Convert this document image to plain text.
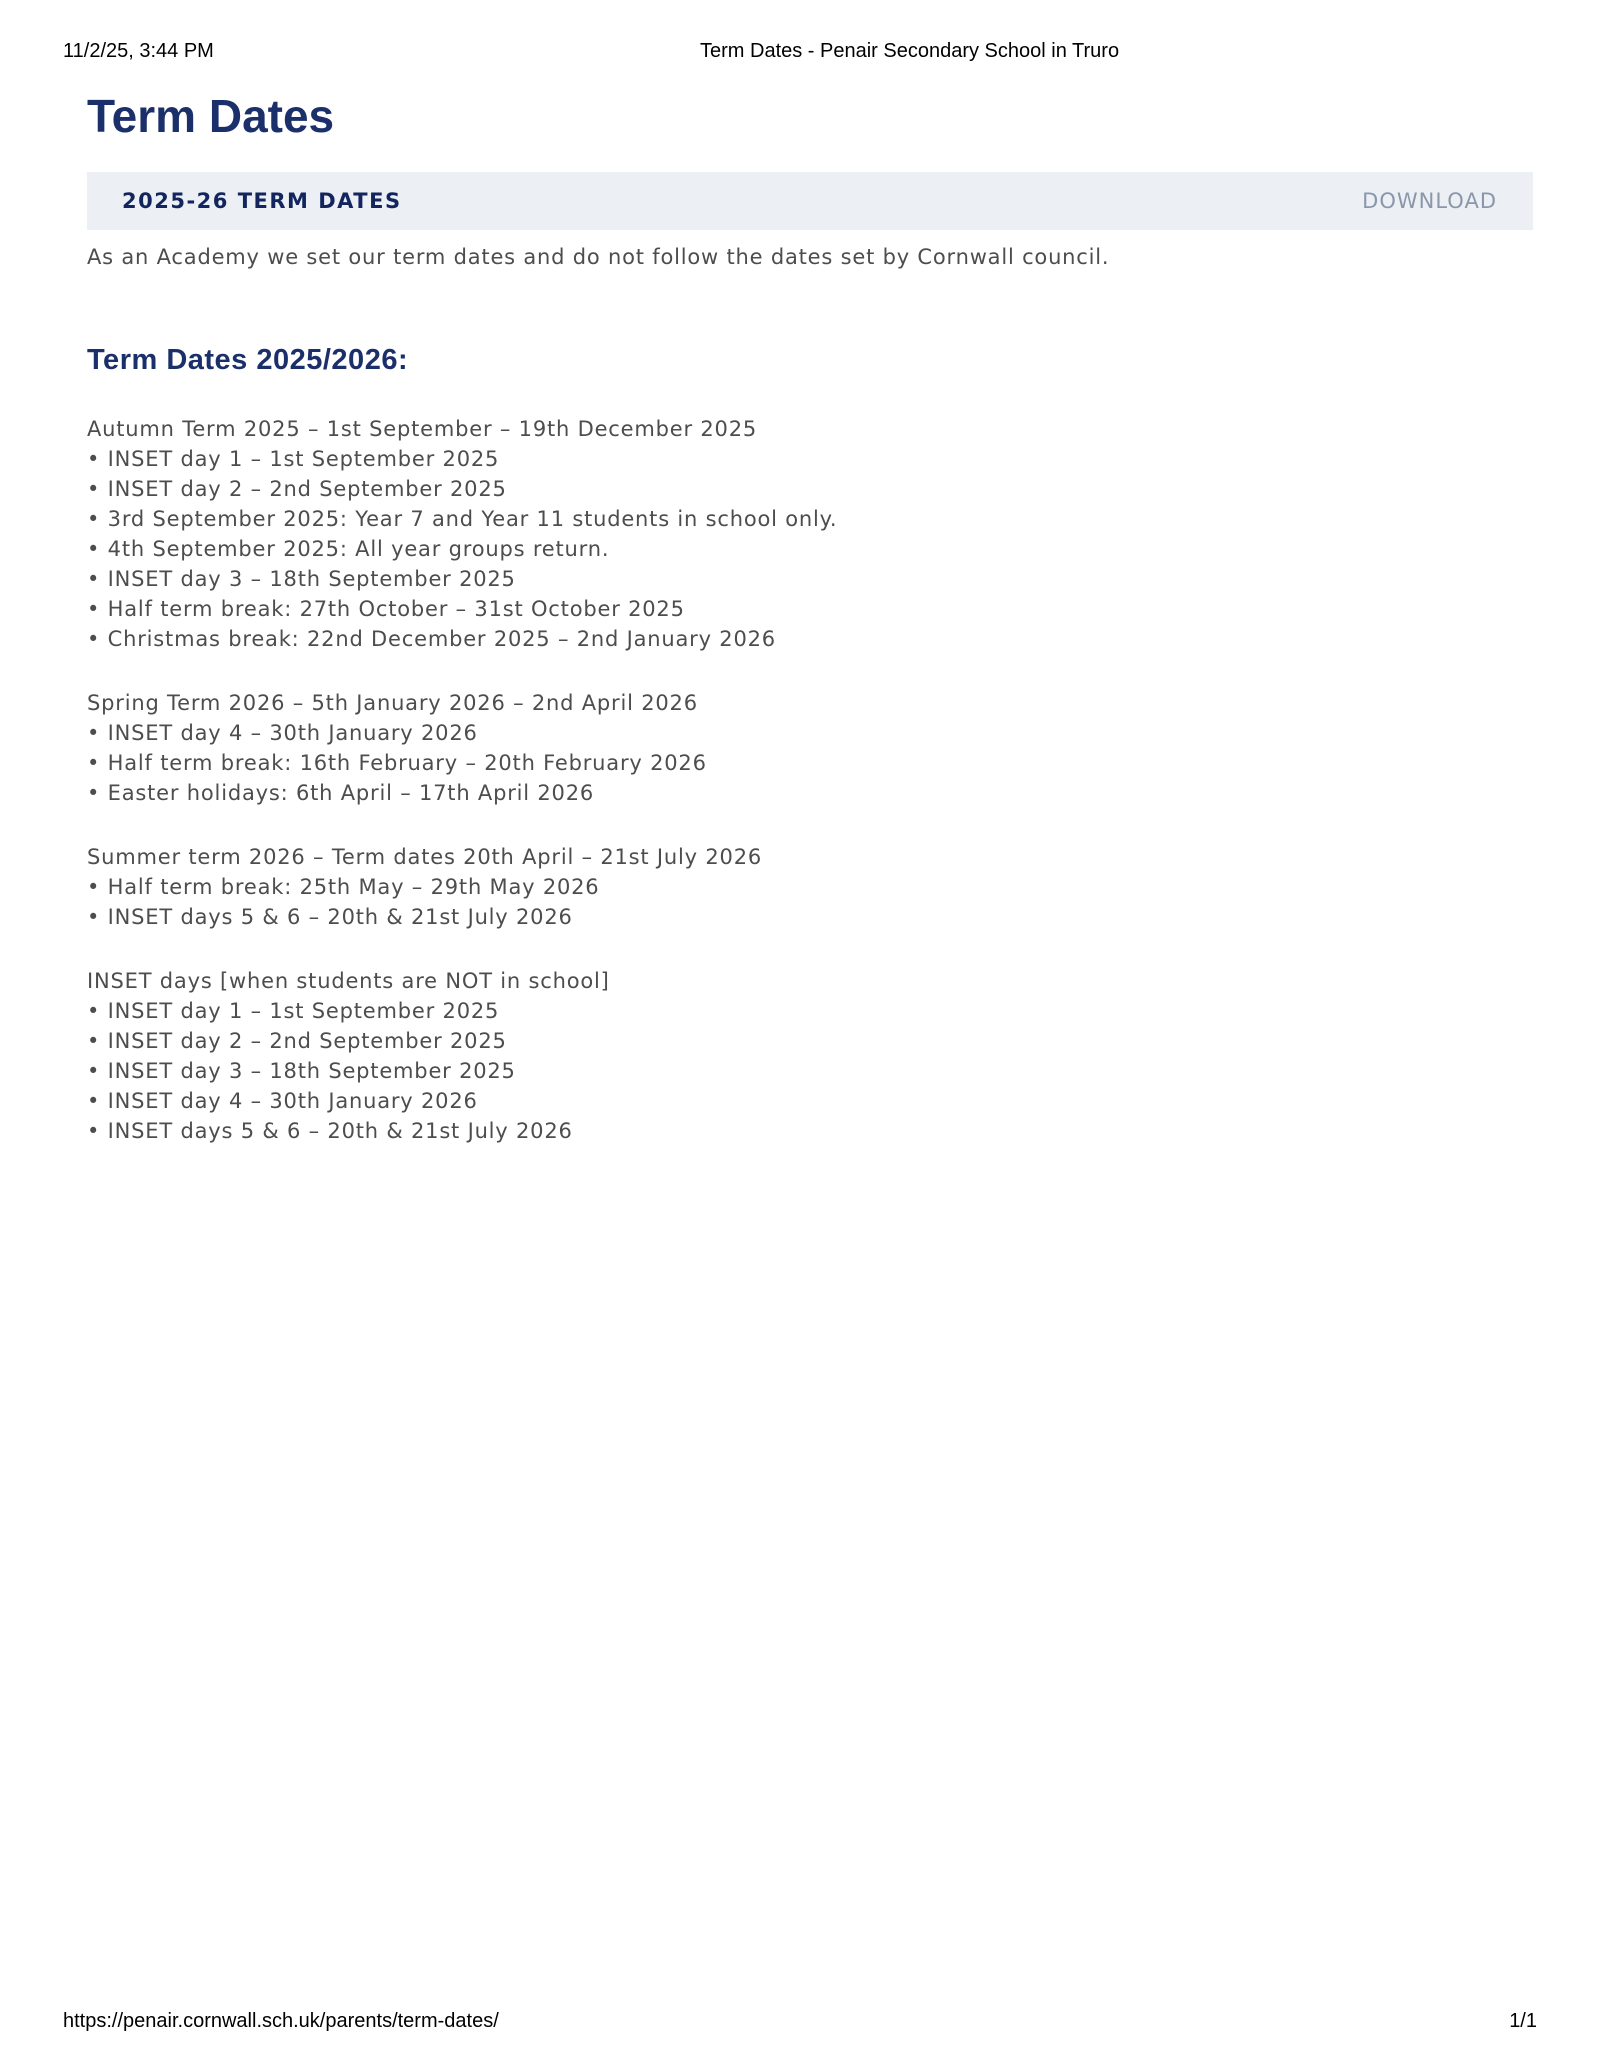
11/2/25, 3:44 PM	Term Dates - Penair Secondary School in Truro
Term Dates
2025-26 TERM DATES	DOWNLOAD
As an Academy we set our term dates and do not follow the dates set by Cornwall council.
Term Dates 2025/2026:
Autumn Term 2025 – 1st September – 19th December 2025
• INSET day 1 – 1st September 2025
• INSET day 2 – 2nd September 2025
• 3rd September 2025: Year 7 and Year 11 students in school only.
• 4th September 2025: All year groups return.
• INSET day 3 – 18th September 2025
• Half term break: 27th October – 31st October 2025
• Christmas break: 22nd December 2025 – 2nd January 2026
Spring Term 2026 – 5th January 2026 – 2nd April 2026
• INSET day 4 – 30th January 2026
• Half term break: 16th February – 20th February 2026
• Easter holidays: 6th April – 17th April 2026
Summer term 2026 – Term dates 20th April – 21st July 2026
• Half term break: 25th May – 29th May 2026
• INSET days 5 & 6 – 20th & 21st July 2026
INSET days [when students are NOT in school]
• INSET day 1 – 1st September 2025
• INSET day 2 – 2nd September 2025
• INSET day 3 – 18th September 2025
• INSET day 4 – 30th January 2026
• INSET days 5 & 6 – 20th & 21st July 2026
https://penair.cornwall.sch.uk/parents/term-dates/	1/1
